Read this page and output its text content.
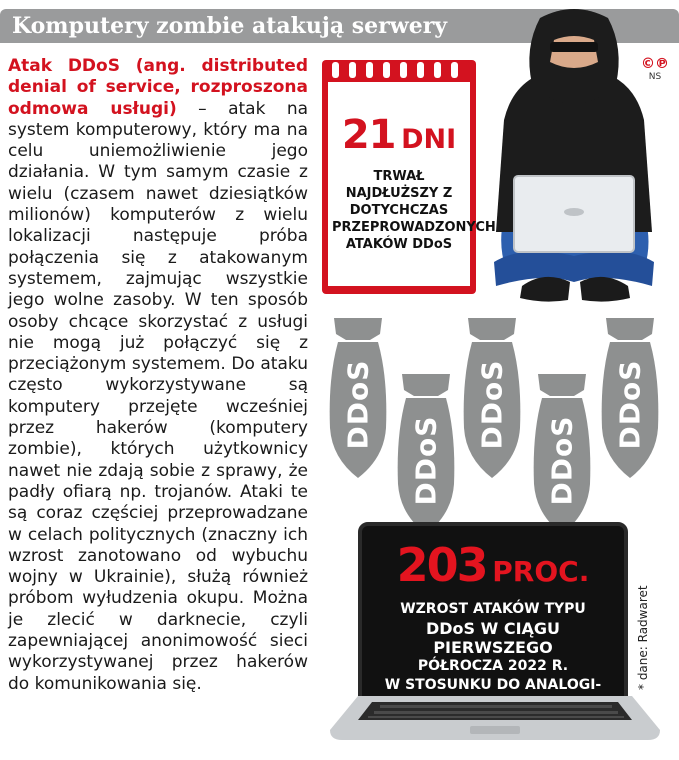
Komputery zombie atakują serwery
Atak DDoS (ang. distributed denial of service, rozproszona odmowa usługi) – atak na system komputerowy, który ma na celu uniemożliwienie jego działania. W tym samym czasie z wielu (czasem nawet dziesiątków milionów) komputerów z wielu lokalizacji następuje próba połączenia się z atakowanym systemem, zajmując wszystkie jego wolne zasoby. W ten sposób osoby chcące skorzystać z usługi nie mogą już połączyć się z przeciążonym systemem. Do ataku często wykorzystywane są komputery przejęte wcześniej przez hakerów (komputery zombie), których użytkownicy nawet nie zdają sobie z sprawy, że padły ofiarą np. trojanów. Ataki te są coraz częściej przeprowadzane w celach politycznych (znaczny ich wzrost zanotowano od wybuchu wojny w Ukrainie), służą również próbom wyłudzenia okupu. Można je zlecić w darknecie, czyli zapewniającej anonimowość sieci wykorzystywanej przez hakerów do komunikowania się.
©℗
NS
21 DNI
TRWAŁ NAJDŁUŻSZY Z DOTYCHCZAS PRZEPROWADZONYCH ATAKÓW DDoS
DDoS
DDoS
DDoS
DDoS
DDoS
203 PROC.
WZROST ATAKÓW TYPU
DDoS W CIĄGU PIERWSZEGO
PÓŁROCZA 2022 R.
W STOSUNKU DO ANALOGI-	* dane: Radwaret
